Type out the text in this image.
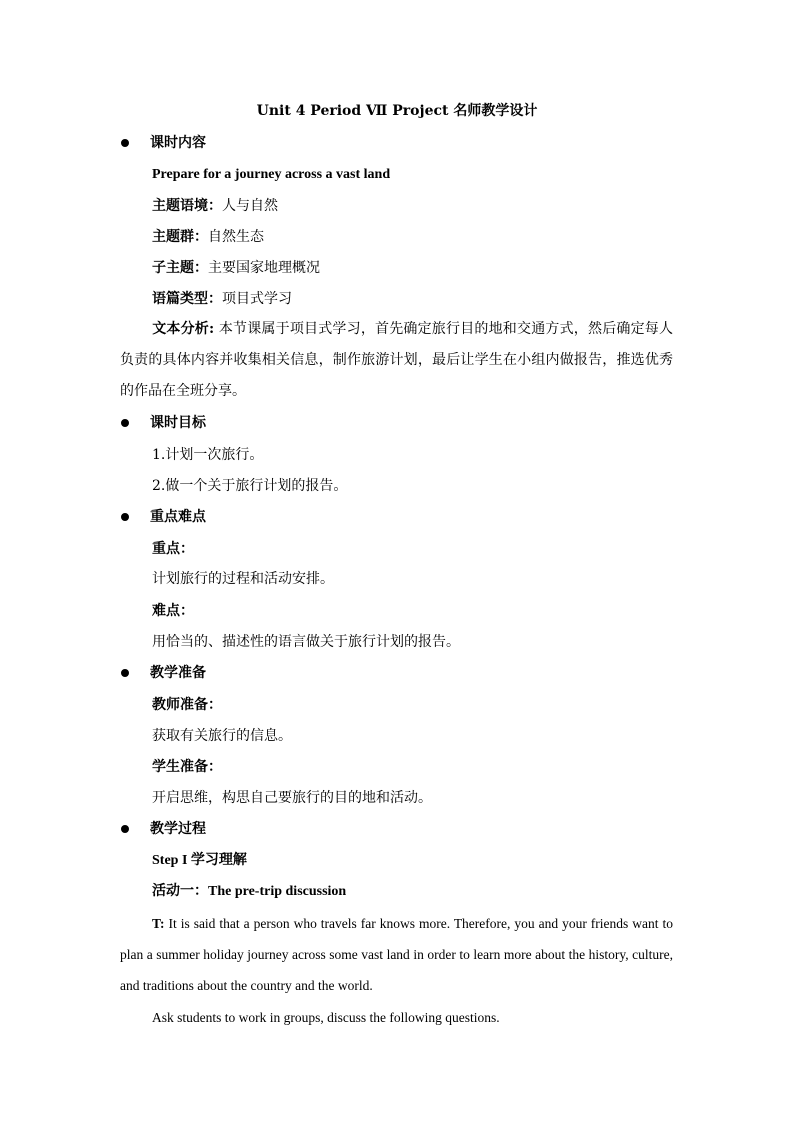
Unit 4 Period Ⅶ Project 名师教学设计
课时内容
Prepare for a journey across a vast land
主题语境：人与自然
主题群：自然生态
子主题：主要国家地理概况
语篇类型：项目式学习
文本分析: 本节课属于项目式学习，首先确定旅行目的地和交通方式，然后确定每人负责的具体内容并收集相关信息，制作旅游计划，最后让学生在小组内做报告，推选优秀的作品在全班分享。
课时目标
1.计划一次旅行。
2.做一个关于旅行计划的报告。
重点难点
重点：
计划旅行的过程和活动安排。
难点：
用恰当的、描述性的语言做关于旅行计划的报告。
教学准备
教师准备：
获取有关旅行的信息。
学生准备：
开启思维，构思自己要旅行的目的地和活动。
教学过程
Step I 学习理解
活动一：The pre-trip discussion
T: It is said that a person who travels far knows more. Therefore, you and your friends want to plan a summer holiday journey across some vast land in order to learn more about the history, culture, and traditions about the country and the world.
Ask students to work in groups, discuss the following questions.
